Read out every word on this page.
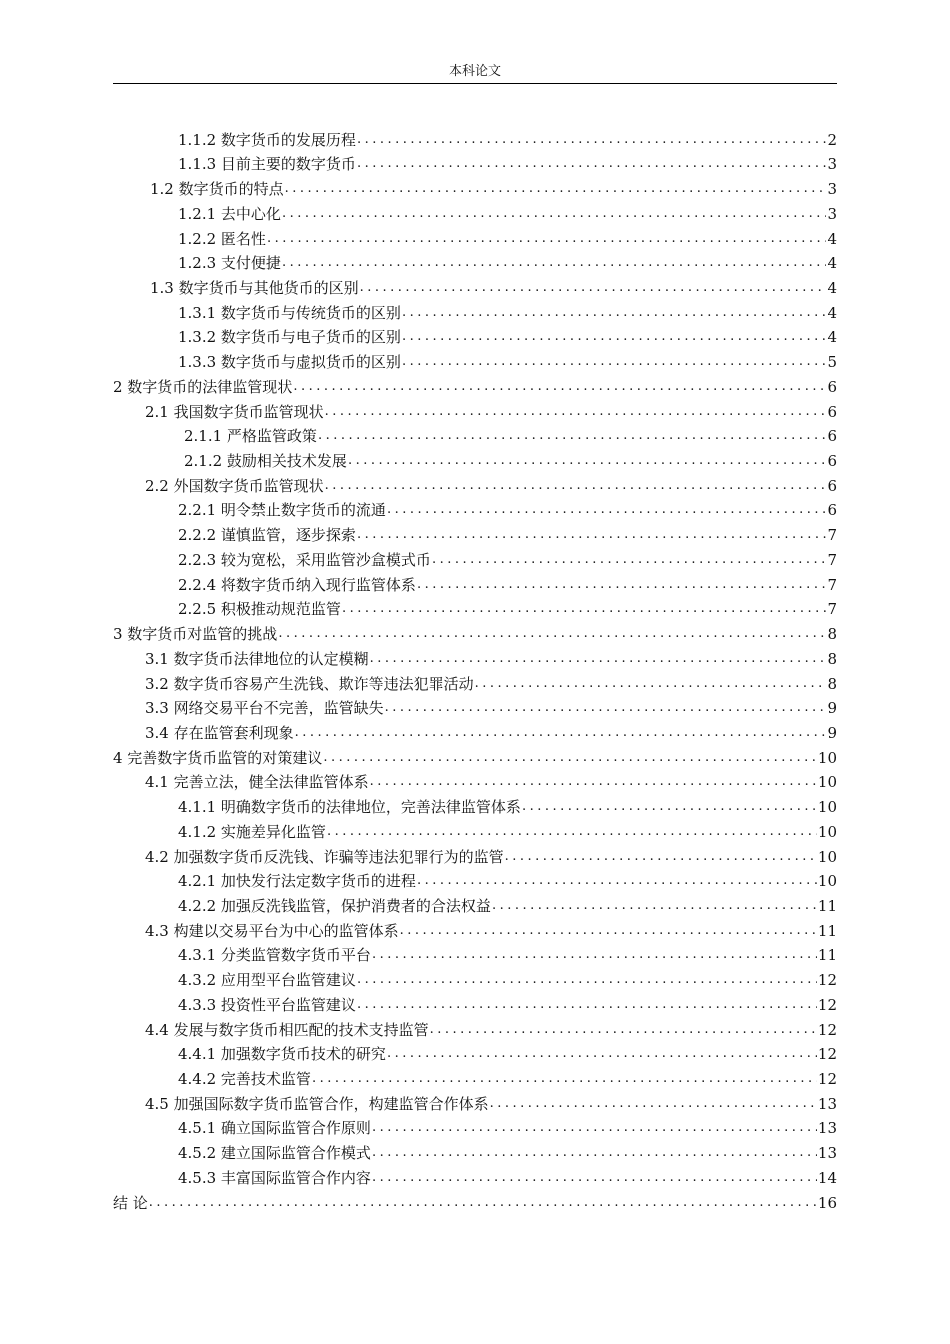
本科论文
1.1.2 数字货币的发展历程 .....	2
1.1.3 目前主要的数字货币 .....	3
1.2 数字货币的特点 .....	3
1.2.1 去中心化 .....	3
1.2.2 匿名性 .....	4
1.2.3 支付便捷 .....	4
1.3 数字货币与其他货币的区别 .....	4
1.3.1 数字货币与传统货币的区别 .....	4
1.3.2 数字货币与电子货币的区别 .....	4
1.3.3 数字货币与虚拟货币的区别 .....	5
2 数字货币的法律监管现状 .....	6
2.1 我国数字货币监管现状 .....	6
2.1.1 严格监管政策 .....	6
2.1.2 鼓励相关技术发展 .....	6
2.2 外国数字货币监管现状 .....	6
2.2.1 明令禁止数字货币的流通 .....	6
2.2.2 谨慎监管，逐步探索 .....	7
2.2.3 较为宽松，采用监管沙盒模式币 .....	7
2.2.4 将数字货币纳入现行监管体系 .....	7
2.2.5 积极推动规范监管 .....	7
3 数字货币对监管的挑战 .....	8
3.1 数字货币法律地位的认定模糊 .....	8
3.2 数字货币容易产生洗钱、欺诈等违法犯罪活动 .....	8
3.3 网络交易平台不完善，监管缺失 .....	9
3.4 存在监管套利现象 .....	9
4 完善数字货币监管的对策建议 .....	10
4.1 完善立法，健全法律监管体系 .....	10
4.1.1 明确数字货币的法律地位，完善法律监管体系 .....	10
4.1.2 实施差异化监管 .....	10
4.2 加强数字货币反洗钱、诈骗等违法犯罪行为的监管 .....	10
4.2.1 加快发行法定数字货币的进程 .....	10
4.2.2 加强反洗钱监管，保护消费者的合法权益 .....	11
4.3 构建以交易平台为中心的监管体系 .....	11
4.3.1 分类监管数字货币平台 .....	11
4.3.2 应用型平台监管建议 .....	12
4.3.3 投资性平台监管建议 .....	12
4.4 发展与数字货币相匹配的技术支持监管 .....	12
4.4.1 加强数字货币技术的研究 .....	12
4.4.2 完善技术监管 .....	12
4.5 加强国际数字货币监管合作，构建监管合作体系 .....	13
4.5.1 确立国际监管合作原则 .....	13
4.5.2 建立国际监管合作模式 .....	13
4.5.3 丰富国际监管合作内容 .....	14
结 论 .....	16
